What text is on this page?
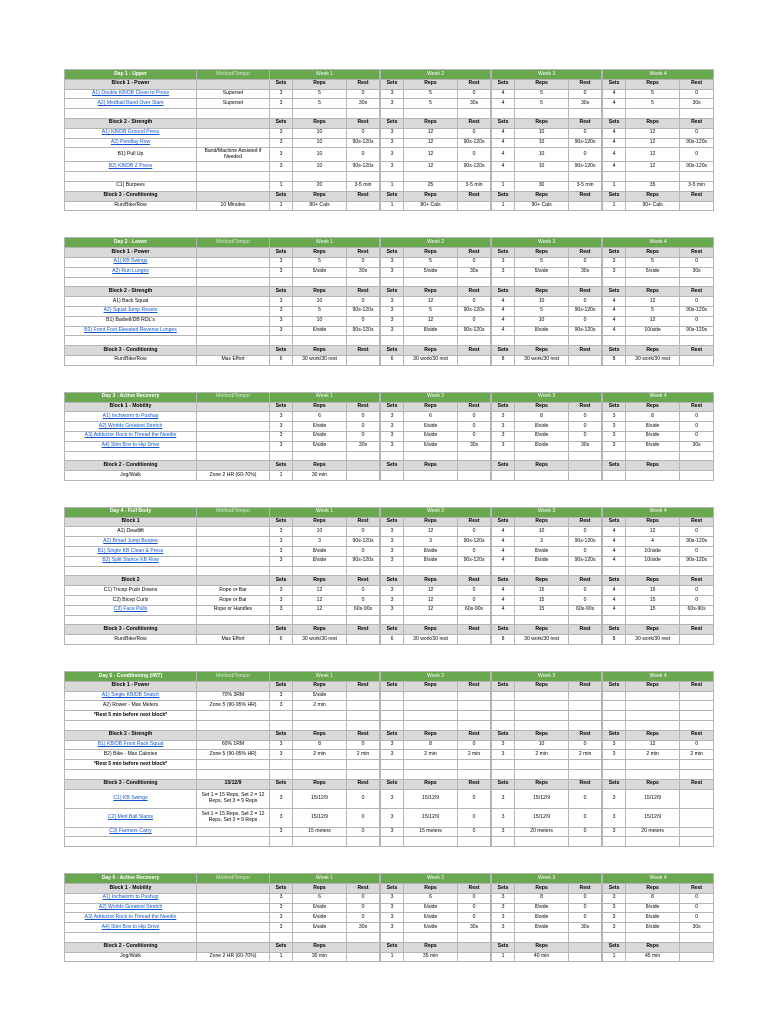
Day 1 - Upper	Method/Tempo	Week 1			Week 2			Week 3			Week 4		
Block 1 - Power		Sets	Reps	Rest		Sets	Reps	Rest		Sets	Reps	Rest		Sets	Reps	Rest
A1) Double KB/DB Clean to Press	Superset	3	5	0		3	5	0		4	5	0		4	5	0
A2) Medball Band Over Slam	Superset	3	5	30s		3	5	30s		4	5	30s		4	5	30s

Block 2 - Strength		Sets	Reps	Rest		Sets	Reps	Rest		Sets	Reps	Rest		Sets	Reps	Rest
A1) KB/DB Ground Press		3	10	0		3	12	0		4	10	0		4	12	0
A2) Pendlay Row		3	10	90s-120s		3	12	90s-120s		4	10	90s-120s		4	12	90s-120s
B1) Pull Up	Band/Machine Assisted if Needed	3	10	0		3	12	0		4	10	0		4	12	0
B2) KB/DB Z Press		3	10	90s-120s		3	12	90s-120s		4	10	90s-120s		4	12	90s-120s

C1) Burpees		1	20	3-5 min		1	25	3-5 min		1	30	3-5 min		1	35	3-5 min
Block 3 - Conditioning		Sets	Reps	Rest		Sets	Reps	Rest		Sets	Reps	Rest		Sets	Reps	Rest
Run/Bike/Row	10 Minutes	1	80+ Cals			1	80+ Cals			1	90+ Cals			1	90+ Cals	
Day 2 - Lower	Method/Tempo	Week 1			Week 2			Week 3			Week 4		
Block 1 - Power		Sets	Reps	Rest		Sets	Reps	Rest		Sets	Reps	Rest		Sets	Reps	Rest
A1) KB Swings		3	5	0		3	5	0		3	5	0		3	5	0
A2) Run Lunges		3	5/side	30s		3	5/side	30s		3	5/side	30s		3	5/side	30s

Block 2 - Strength		Sets	Reps	Rest		Sets	Reps	Rest		Sets	Reps	Rest		Sets	Reps	Rest
A1) Back Squat		3	10	0		3	12	0		4	10	0		4	12	0
A2) Squat Jump Resets		3	5	90s-120s		3	5	90s-120s		4	5	90s-120s		4	5	90s-120s
B1) Barbell/DB RDL's		3	10	0		3	12	0		4	10	0		4	12	0
B2) Front Foot Elevated Reverse Lunges		3	6/side	90s-120s		3	8/side	90s-120s		4	8/side	90s-120s		4	10/side	90s-120s

Block 3 - Conditioning		Sets	Reps	Rest		Sets	Reps	Rest		Sets	Reps	Rest		Sets	Reps	Rest
Run/Bike/Row	Max Effort	6	30 work/30 rest			6	30 work/30 rest			8	30 work/30 rest			8	30 work/30 rest	
Day 3 - Active Recovery	Method/Tempo	Week 1			Week 2			Week 3			Week 4		
Block 1 - Mobility		Sets	Reps	Rest		Sets	Reps	Rest		Sets	Reps	Rest		Sets	Reps	Rest
A1) Inchworm to Pushup		3	6	0		3	6	0		3	8	0		3	8	0
A2) Worlds Greatest Stretch		3	6/side	0		3	6/side	0		3	8/side	0		3	8/side	0
A3) Adductor Rock to Thread the Needle		3	6/side	0		3	6/side	0		3	8/side	0		3	8/side	0
A4) Shin Box to Hip Drive		3	6/side	30s		3	6/side	30s		3	8/side	30s		3	8/side	30s

Block 2 - Conditioning		Sets	Reps			Sets	Reps			Sets	Reps			Sets	Reps	
Jog/Walk	Zone 2 HR (60-70%)	1	30 min													
Day 4 - Full Body	Method/Tempo	Week 1			Week 2			Week 3			Week 4		
Block 1		Sets	Reps	Rest		Sets	Reps	Rest		Sets	Reps	Rest		Sets	Reps	Rest
A1) Deadlift		3	10	0		3	12	0		4	10	0		4	12	0
A2) Broad Jump Burpee		3	3	90s-120s		3	3	90s-120s		4	3	90s-120s		4	4	90s-120s
B1) Single KB Clean & Press		3	8/side	0		3	8/side	0		4	8/side	0		4	10/side	0
B2) Split Stance KB Row		3	8/side	90s-120s		3	8/side	90s-120s		4	8/side	90s-120s		4	10/side	90s-120s

Block 2		Sets	Reps	Rest		Sets	Reps	Rest		Sets	Reps	Rest		Sets	Reps	Rest
C1) Tricep Push Downs	Rope or Bar	3	12	0		3	12	0		4	15	0		4	15	0
C2) Bicep Curls	Rope or Bar	3	12	0		3	12	0		4	15	0		4	15	0
C3) Face Pulls	Rope or Handles	3	12	60s-90s		3	12	60s-90s		4	15	60s-90s		4	15	60s-90s

Block 3 - Conditioning		Sets	Reps	Rest		Sets	Reps	Rest		Sets	Reps	Rest		Sets	Reps	Rest
Run/Bike/Row	Max Effort	6	30 work/30 rest			6	30 work/30 rest			8	30 work/30 rest			8	30 work/30 rest	
Day 5 - Conditioning (IWT)	Method/Tempo	Week 1			Week 2			Week 3			Week 4		
Block 1 - Power		Sets	Reps	Rest		Sets	Reps	Rest		Sets	Reps	Rest		Sets	Reps	Rest
A1) Single KB/DB Snatch	70% 3RM	3	5/side													
A2) Rower - Max Meters	Zone 5 (90-95% HR)	3	2 min													
*Rest 5 min before next block*																

Block 2 - Strength		Sets	Reps	Rest		Sets	Reps	Rest		Sets	Reps	Rest		Sets	Reps	Rest
B1) KB/DB Front Rack Squat	60% 1RM	3	8	0		3	8	0		3	10	0		3	12	0
B2) Bike - Max Calories	Zone 5 (90-95% HR)	3	2 min	2 min		3	2 min	2 min		3	2 min	2 min		3	2 min	2 min
*Rest 5 min before next block*																

Block 3 - Conditioning	15/12/9	Sets	Reps	Rest		Sets	Reps	Rest		Sets	Reps	Rest		Sets	Reps	Rest
C1) KB Swings	Set 1 = 15 Reps, Set 2 = 12 Reps, Set 3 = 9 Reps	3	15/12/9	0		3	15/12/9	0		3	15/12/9	0		3	15/12/9	
C2) Med Ball Slams	Set 1 = 15 Reps, Set 2 = 12 Reps, Set 3 = 9 Reps	3	15/12/9	0		3	15/12/9	0		3	15/12/9	0		3	15/12/9	
C3) Farmers Carry		3	15 meters	0		3	15 meters	0		3	20 meters	0		3	20 meters	

Day 6 - Active Recovery	Method/Tempo	Week 1			Week 2			Week 3			Week 4		
Block 1 - Mobility		Sets	Reps	Rest		Sets	Reps	Rest		Sets	Reps	Rest		Sets	Reps	Rest
A1) Inchworm to Pushup		3	6	0		3	6	0		3	8	0		3	8	0
A2) Worlds Greatest Stretch		3	6/side	0		3	6/side	0		3	8/side	0		3	8/side	0
A3) Adductor Rock to Thread the Needle		3	6/side	0		3	6/side	0		3	8/side	0		3	8/side	0
A4) Shin Box to Hip Drive		3	6/side	30s		3	6/side	30s		3	8/side	30s		3	8/side	30s

Block 2 - Conditioning		Sets	Reps			Sets	Reps			Sets	Reps			Sets	Reps	
Jog/Walk	Zone 2 HR (60-70%)	1	30 min			1	35 min			1	40 min			1	45 min	
